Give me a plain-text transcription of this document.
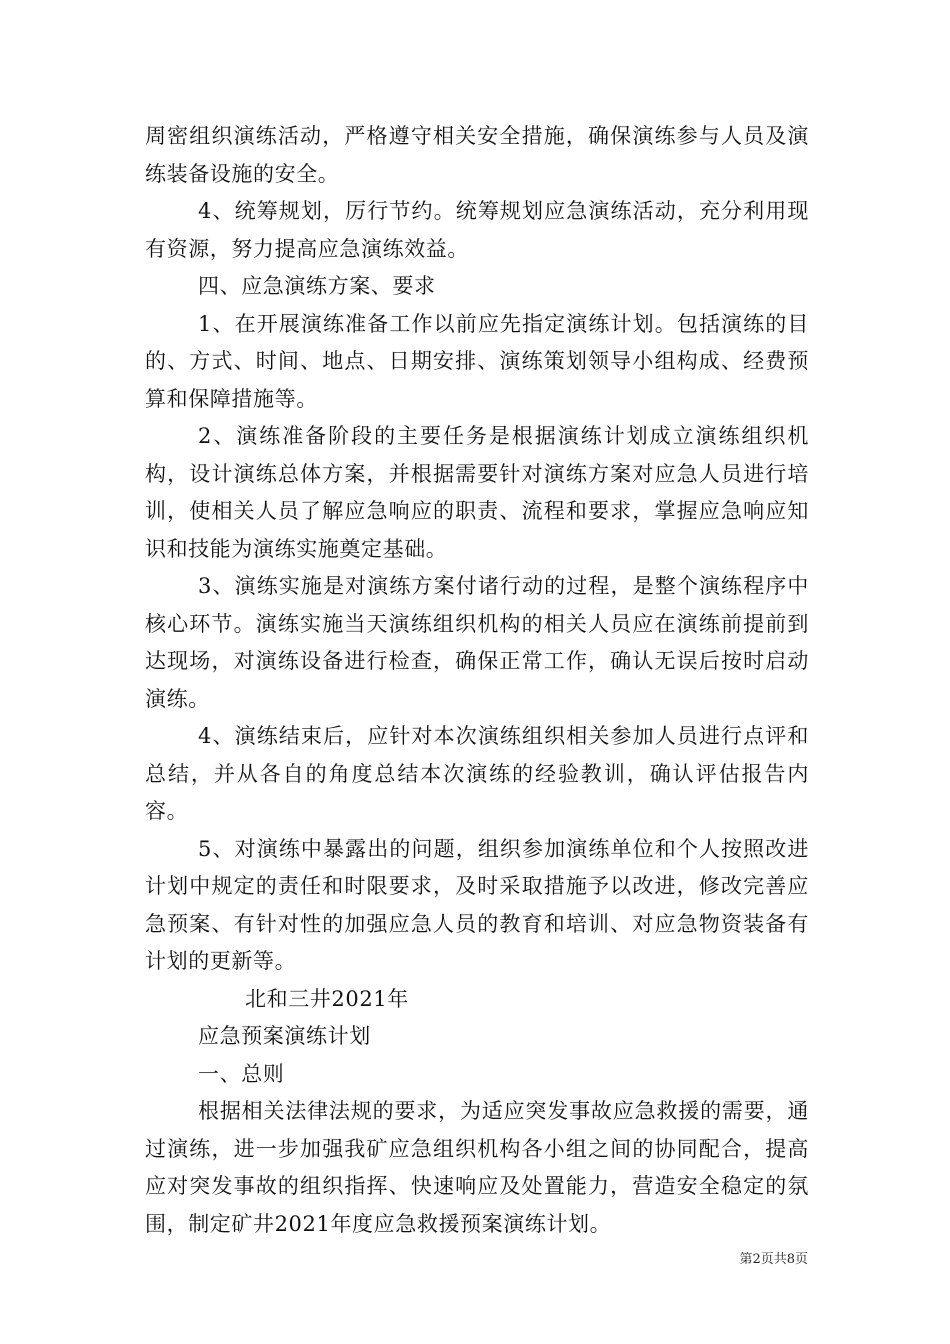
周密组织演练活动，严格遵守相关安全措施，确保演练参与人员及演练装备设施的安全。

4、统筹规划，厉行节约。统筹规划应急演练活动，充分利用现有资源，努力提高应急演练效益。

四、应急演练方案、要求

1、在开展演练准备工作以前应先指定演练计划。包括演练的目的、方式、时间、地点、日期安排、演练策划领导小组构成、经费预算和保障措施等。

2、演练准备阶段的主要任务是根据演练计划成立演练组织机构，设计演练总体方案，并根据需要针对演练方案对应急人员进行培训，使相关人员了解应急响应的职责、流程和要求，掌握应急响应知识和技能为演练实施奠定基础。

3、演练实施是对演练方案付诸行动的过程，是整个演练程序中核心环节。演练实施当天演练组织机构的相关人员应在演练前提前到达现场，对演练设备进行检查，确保正常工作，确认无误后按时启动演练。

4、演练结束后，应针对本次演练组织相关参加人员进行点评和总结，并从各自的角度总结本次演练的经验教训，确认评估报告内容。

5、对演练中暴露出的问题，组织参加演练单位和个人按照改进计划中规定的责任和时限要求，及时采取措施予以改进，修改完善应急预案、有针对性的加强应急人员的教育和培训、对应急物资装备有计划的更新等。

北和三井2021年

应急预案演练计划

一、总则

根据相关法律法规的要求，为适应突发事故应急救援的需要，通过演练，进一步加强我矿应急组织机构各小组之间的协同配合，提高应对突发事故的组织指挥、快速响应及处置能力，营造安全稳定的氛围，制定矿井2021年度应急救援预案演练计划。

第2页共8页
